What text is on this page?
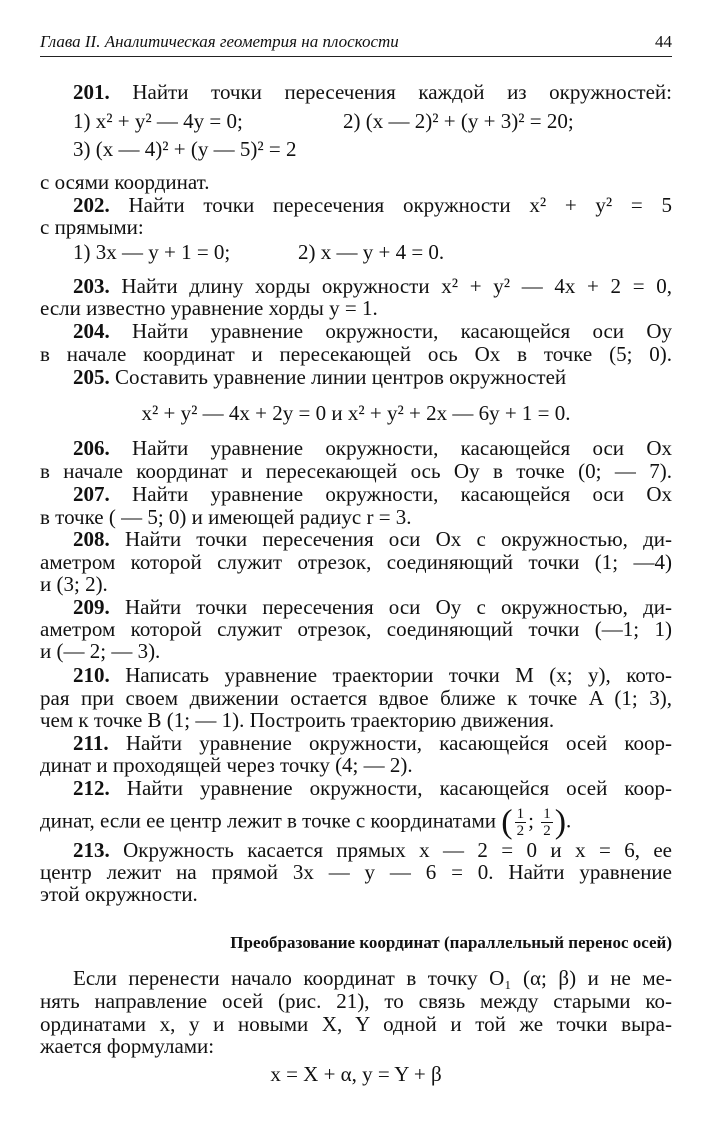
Глава II. Аналитическая геометрия на плоскости	44
201. Найти точки пересечения каждой из окружностей:
1) x² + y² — 4y = 0;	2) (x — 2)² + (y + 3)² = 20;
3) (x — 4)² + (y — 5)² = 2
с осями координат.
202. Найти точки пересечения окружности x² + y² = 5
с прямыми:
1) 3x — y + 1 = 0;	2) x — y + 4 = 0.
203. Найти длину хорды окружности x² + y² — 4x + 2 = 0,
если известно уравнение хорды y = 1.
204. Найти уравнение окружности, касающейся оси Oy
в начале координат и пересекающей ось Ox в точке (5; 0).
205. Составить уравнение линии центров окружностей
x² + y² — 4x + 2y = 0 и x² + y² + 2x — 6y + 1 = 0.
206. Найти уравнение окружности, касающейся оси Ox
в начале координат и пересекающей ось Oy в точке (0; — 7).
207. Найти уравнение окружности, касающейся оси Ox
в точке ( — 5; 0) и имеющей радиус r = 3.
208. Найти точки пересечения оси Ox с окружностью, ди-
аметром которой служит отрезок, соединяющий точки (1; —4)
и (3; 2).
209. Найти точки пересечения оси Oy с окружностью, ди-
аметром которой служит отрезок, соединяющий точки (—1; 1)
и (— 2; — 3).
210. Написать уравнение траектории точки M (x; y), кото-
рая при своем движении остается вдвое ближе к точке A (1; 3),
чем к точке B (1; — 1). Построить траекторию движения.
211. Найти уравнение окружности, касающейся осей коор-
динат и проходящей через точку (4; — 2).
212. Найти уравнение окружности, касающейся осей коор-
динат, если ее центр лежит в точке с координатами ( $\frac{1}{2}$ ; $\frac{1}{2}$ ).
213. Окружность касается прямых x — 2 = 0 и x = 6, ее
центр лежит на прямой 3x — y — 6 = 0. Найти уравнение
этой окружности.
Преобразование координат (параллельный перенос осей)
Если перенести начало координат в точку O₁ (α; β) и не ме-
нять направление осей (рис. 21), то связь между старыми ко-
ординатами x, y и новыми X, Y одной и той же точки выра-
жается формулами:
x = X + α, y = Y + β
